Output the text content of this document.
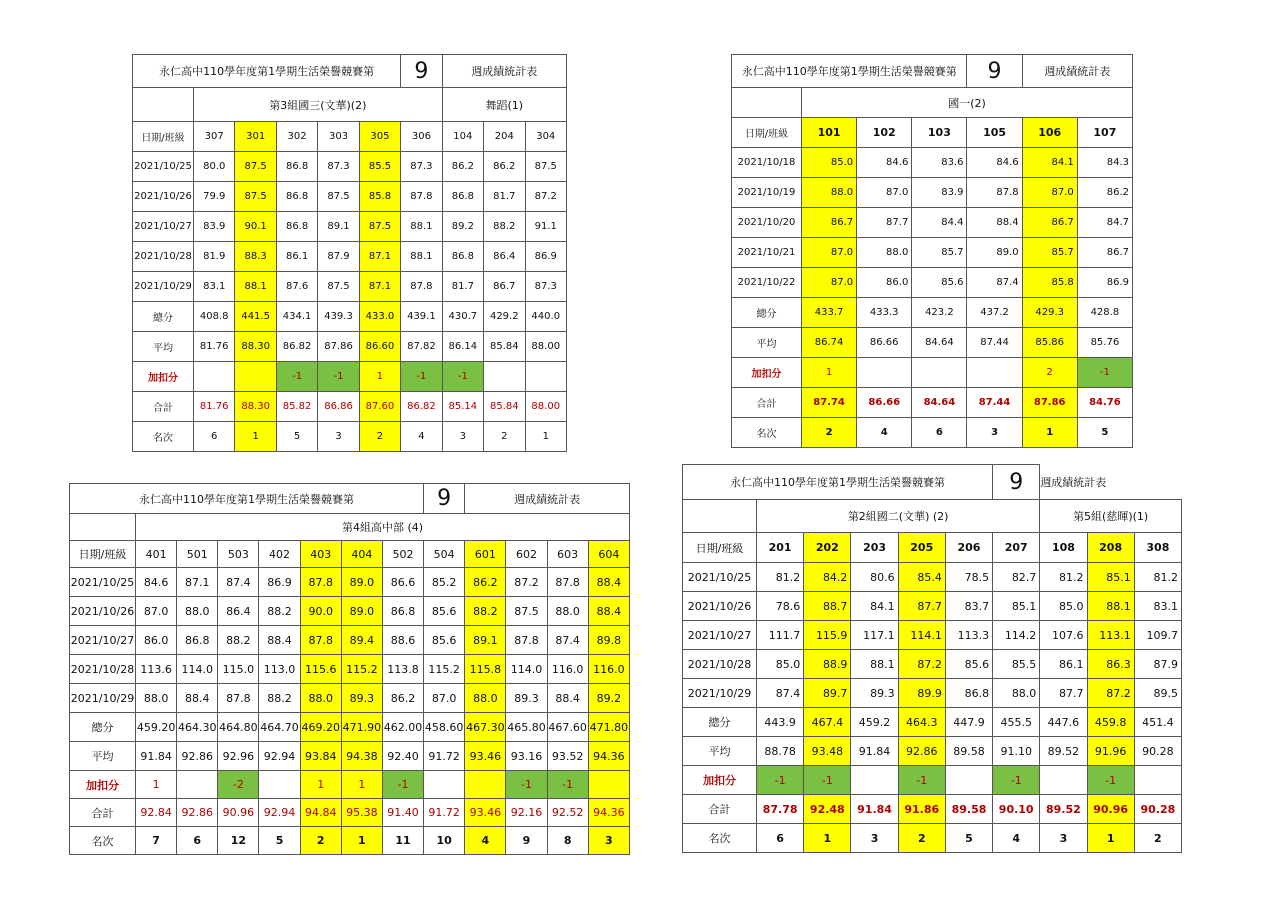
永仁高中110學年度第1學期生活榮譽競賽第						9	週成績統計表		
	第3組國三(文華)(2)						舞蹈(1)		
日期/班級	307	301	302	303	305	306	104	204	304
2021/10/25	80.0	87.5	86.8	87.3	85.5	87.3	86.2	86.2	87.5
2021/10/26	79.9	87.5	86.8	87.5	85.8	87.8	86.8	81.7	87.2
2021/10/27	83.9	90.1	86.8	89.1	87.5	88.1	89.2	88.2	91.1
2021/10/28	81.9	88.3	86.1	87.9	87.1	88.1	86.8	86.4	86.9
2021/10/29	83.1	88.1	87.6	87.5	87.1	87.8	81.7	86.7	87.3
總分	408.8	441.5	434.1	439.3	433.0	439.1	430.7	429.2	440.0
平均	81.76	88.30	86.82	87.86	86.60	87.82	86.14	85.84	88.00
加扣分			-1	-1	1	-1	-1		
合計	81.76	88.30	85.82	86.86	87.60	86.82	85.14	85.84	88.00
名次	6	1	5	3	2	4	3	2	1
永仁高中110學年度第1學期生活榮譽競賽第				9	週成績統計表	
	國一(2)					
日期/班級	101	102	103	105	106	107
2021/10/18	85.0	84.6	83.6	84.6	84.1	84.3
2021/10/19	88.0	87.0	83.9	87.8	87.0	86.2
2021/10/20	86.7	87.7	84.4	88.4	86.7	84.7
2021/10/21	87.0	88.0	85.7	89.0	85.7	86.7
2021/10/22	87.0	86.0	85.6	87.4	85.8	86.9
總分	433.7	433.3	423.2	437.2	429.3	428.8
平均	86.74	86.66	84.64	87.44	85.86	85.76
加扣分	1				2	-1
合計	87.74	86.66	84.64	87.44	87.86	84.76
名次	2	4	6	3	1	5
永仁高中110學年度第1學期生活榮譽競賽第								9	週成績統計表			
	第4組高中部 (4)											
日期/班級	401	501	503	402	403	404	502	504	601	602	603	604
2021/10/25	84.6	87.1	87.4	86.9	87.8	89.0	86.6	85.2	86.2	87.2	87.8	88.4
2021/10/26	87.0	88.0	86.4	88.2	90.0	89.0	86.8	85.6	88.2	87.5	88.0	88.4
2021/10/27	86.0	86.8	88.2	88.4	87.8	89.4	88.6	85.6	89.1	87.8	87.4	89.8
2021/10/28	113.6	114.0	115.0	113.0	115.6	115.2	113.8	115.2	115.8	114.0	116.0	116.0
2021/10/29	88.0	88.4	87.8	88.2	88.0	89.3	86.2	87.0	88.0	89.3	88.4	89.2
總分	459.20	464.30	464.80	464.70	469.20	471.90	462.00	458.60	467.30	465.80	467.60	471.80
平均	91.84	92.86	92.96	92.94	93.84	94.38	92.40	91.72	93.46	93.16	93.52	94.36
加扣分	1		-2		1	1	-1			-1	-1	
合計	92.84	92.86	90.96	92.94	94.84	95.38	91.40	91.72	93.46	92.16	92.52	94.36
名次	7	6	12	5	2	1	11	10	4	9	8	3
永仁高中110學年度第1學期生活榮譽競賽第						9	週成績統計表		
	第2組國二(文華) (2)						第5組(慈暉)(1)		
日期/班級	201	202	203	205	206	207	108	208	308
2021/10/25	81.2	84.2	80.6	85.4	78.5	82.7	81.2	85.1	81.2
2021/10/26	78.6	88.7	84.1	87.7	83.7	85.1	85.0	88.1	83.1
2021/10/27	111.7	115.9	117.1	114.1	113.3	114.2	107.6	113.1	109.7
2021/10/28	85.0	88.9	88.1	87.2	85.6	85.5	86.1	86.3	87.9
2021/10/29	87.4	89.7	89.3	89.9	86.8	88.0	87.7	87.2	89.5
總分	443.9	467.4	459.2	464.3	447.9	455.5	447.6	459.8	451.4
平均	88.78	93.48	91.84	92.86	89.58	91.10	89.52	91.96	90.28
加扣分	-1	-1		-1		-1		-1	
合計	87.78	92.48	91.84	91.86	89.58	90.10	89.52	90.96	90.28
名次	6	1	3	2	5	4	3	1	2
